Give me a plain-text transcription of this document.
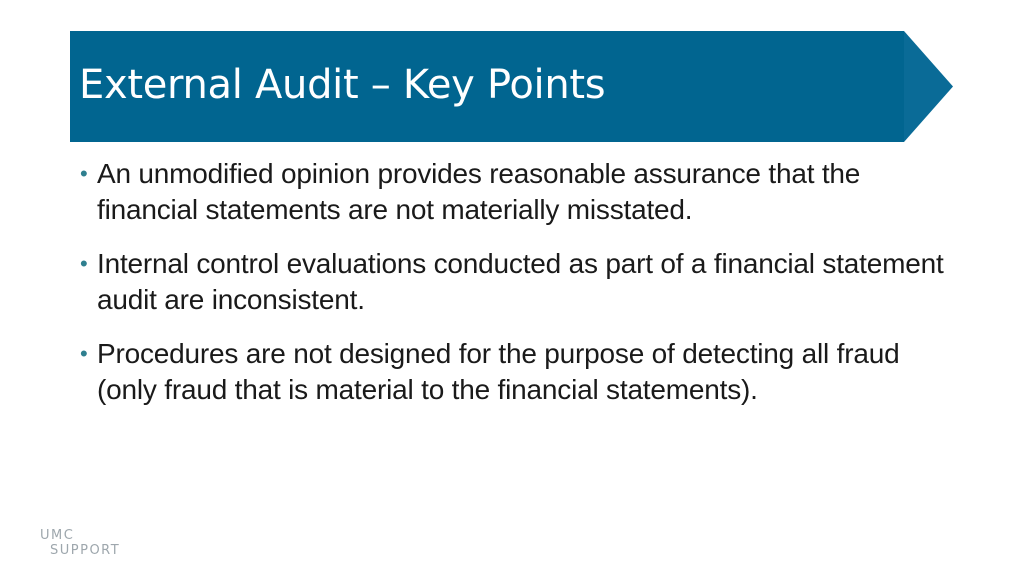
External Audit – Key Points
• An unmodified opinion provides reasonable assurance that the financial statements are not materially misstated.
• Internal control evaluations conducted as part of a financial statement audit are inconsistent.
• Procedures are not designed for the purpose of detecting all fraud (only fraud that is material to the financial statements).
UMC
SUPPORT
